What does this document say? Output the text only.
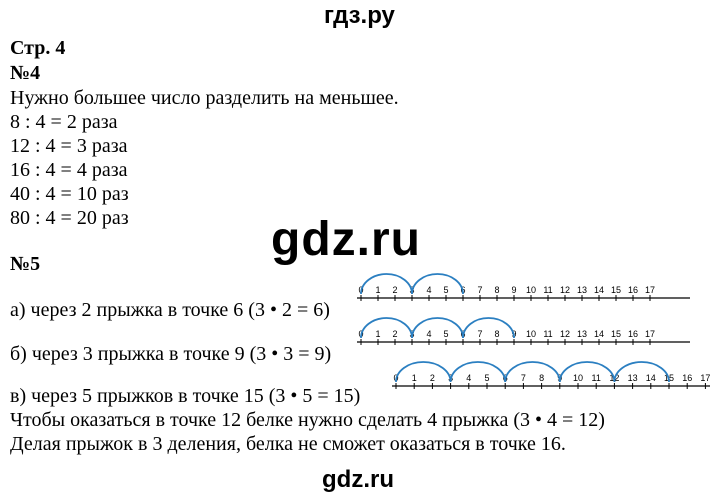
гдз.ру
Стр. 4
№4
Нужно большее число разделить на меньшее.
8 : 4 = 2 раза
12 : 4 = 3 раза
16 : 4 = 4 раза
40 : 4 = 10 раз
80 : 4 = 20 раз	gdz.ru
№5
а) через 2 прыжка в точке 6 (3 • 2 = 6)
б) через 3 прыжка в точке 9 (3 • 3 = 9)
в) через 5 прыжков в точке 15 (3 • 5 = 15)
Чтобы оказаться в точке 12 белке нужно сделать 4 прыжка (3 • 4 = 12)
Делая прыжок в 3 деления, белка не сможет оказаться в точке 16.
0 1 2 3 4 5 6 7 8 9 10 11 12 13 14 15 16 17
0 1 2 3 4 5 6 7 8 9 10 11 12 13 14 15 16 17
0 1 2 3 4 5 6 7 8 9 10 11 12 13 14 15 16 17
gdz.ru
